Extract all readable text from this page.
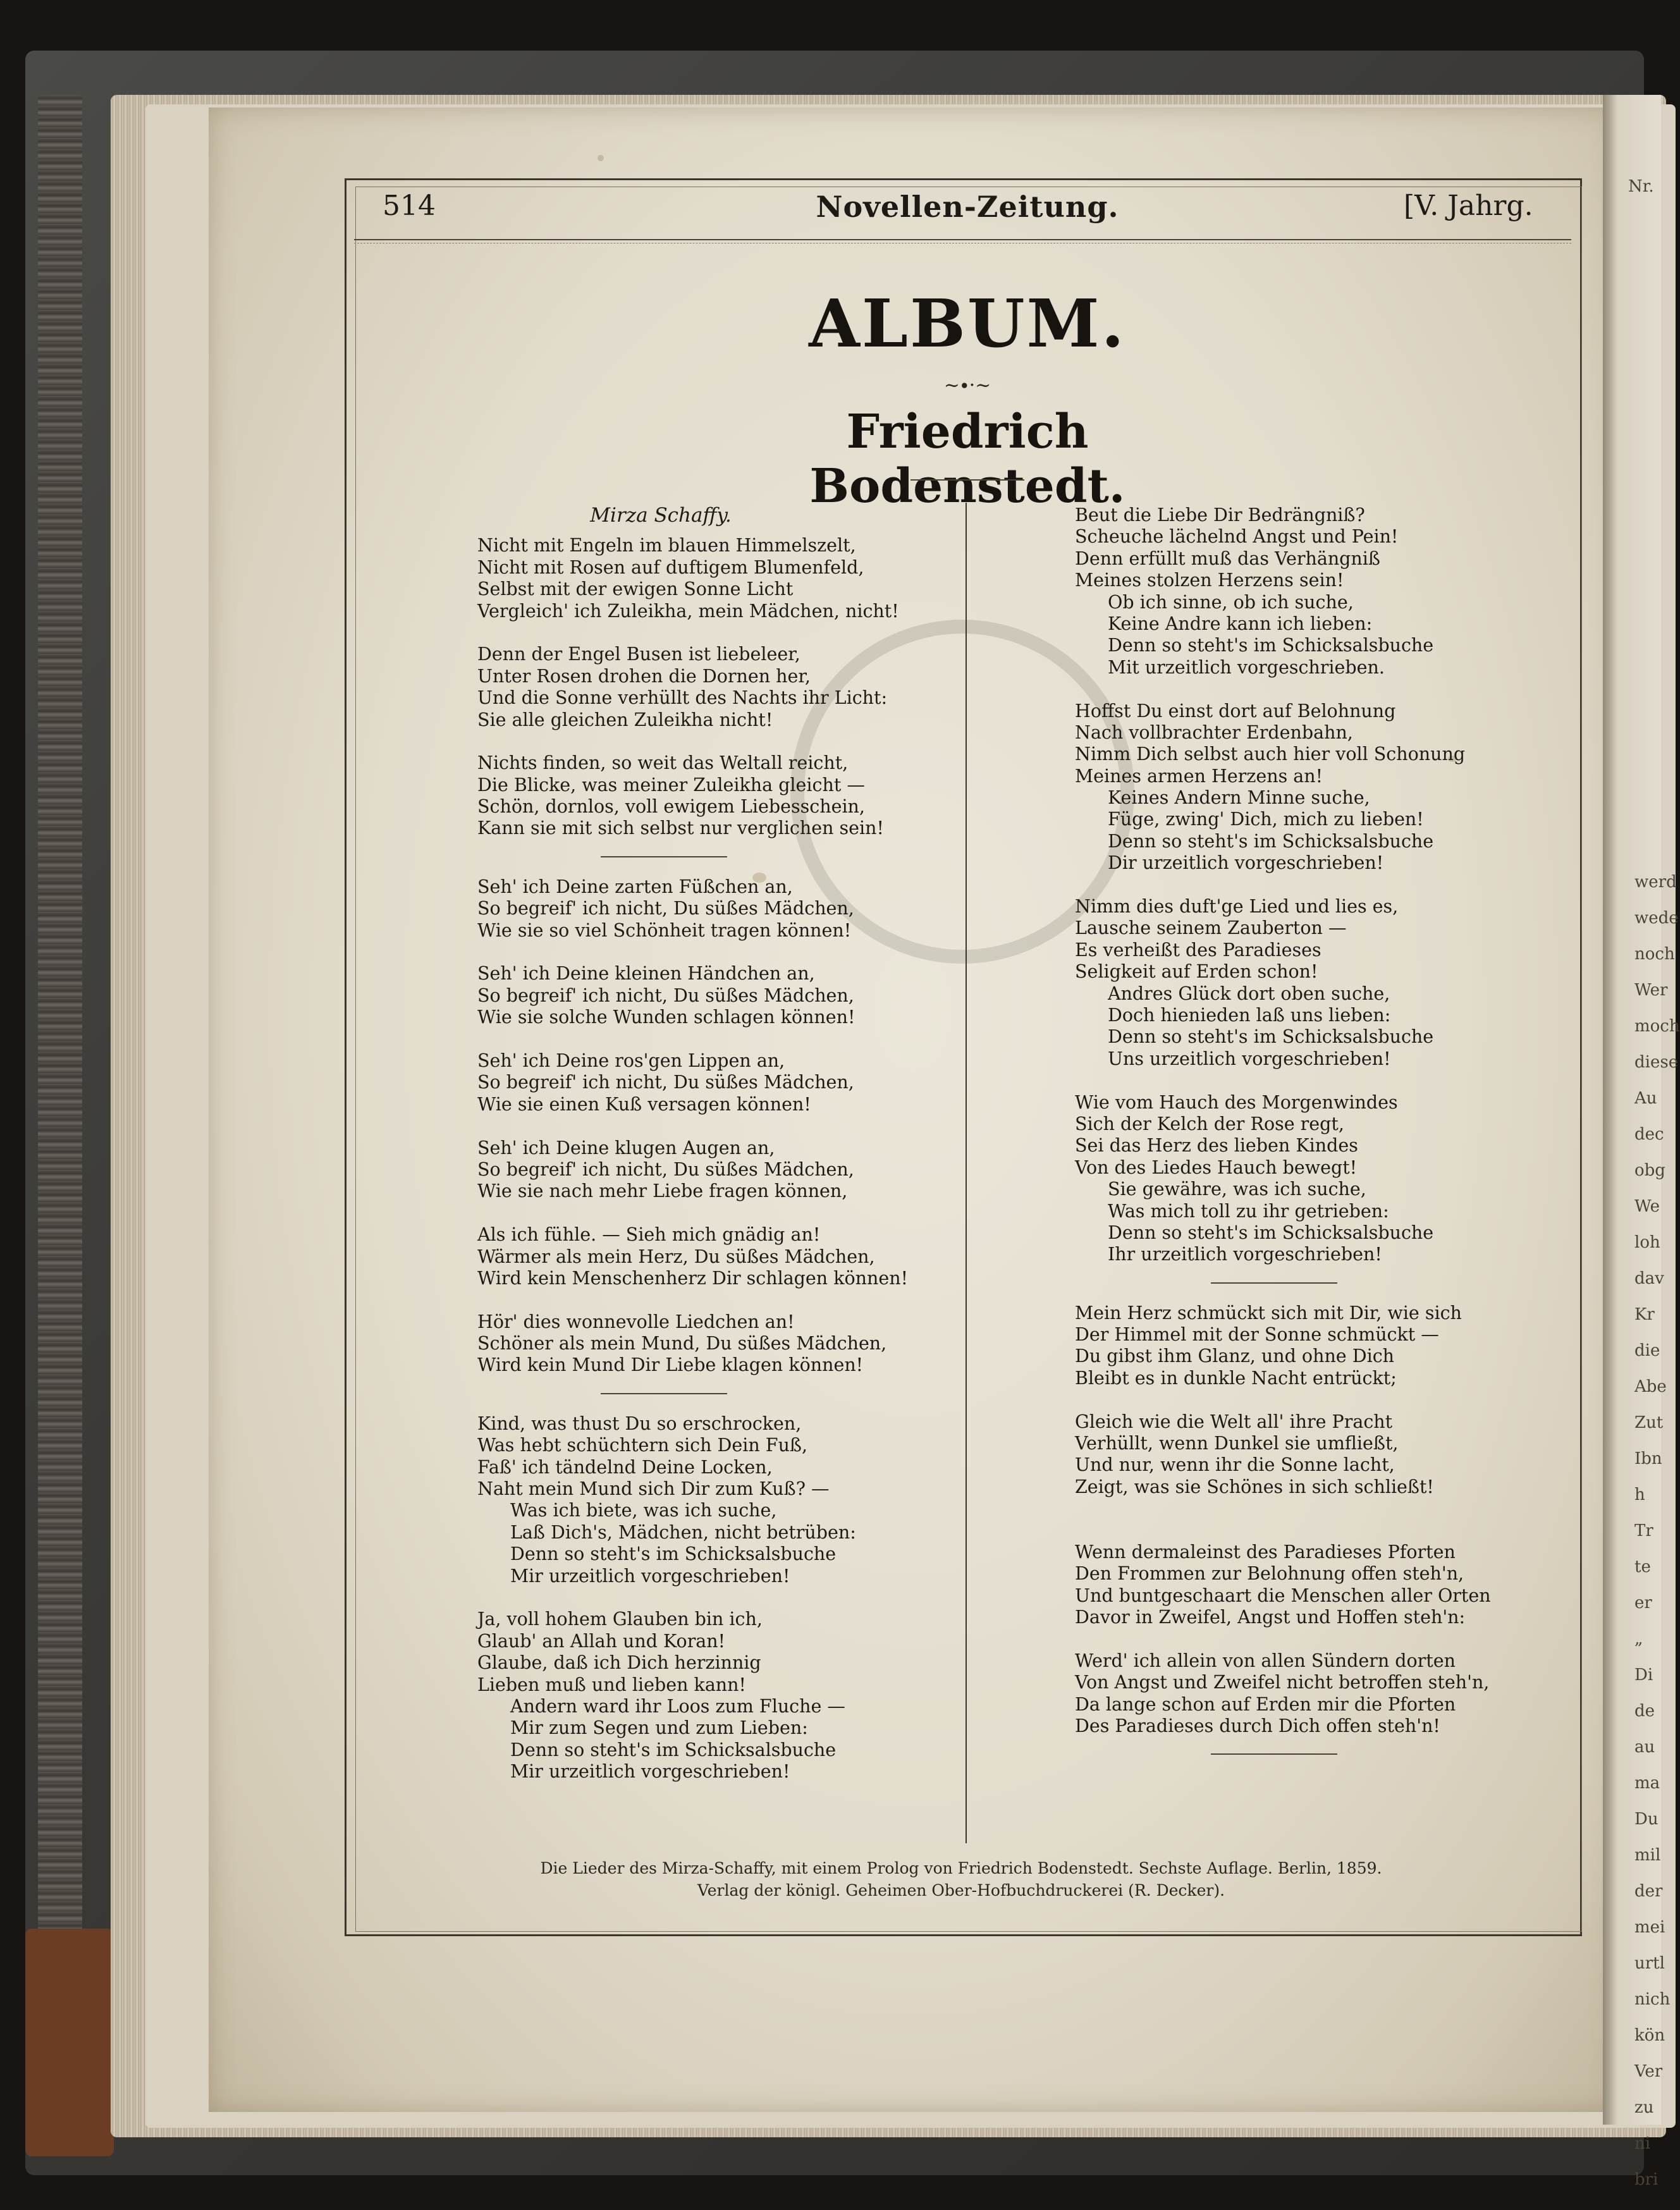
Nr.
werd
wede
noch
Wer
moch
diese
Au
dec
obg
We
loh
dav
Kr
die
Abe
Zut
Ibn
h
Tr
te
er
„
Di
de
au
ma
Du
mil
der
mei
urtl
nich
kön
Ver
zu
ni
bri
514	Novellen-Zeitung.	[V. Jahrg.
ALBUM.
~∙·~
Friedrich Bodenstedt.
Mirza Schaffy.
Nicht mit Engeln im blauen Himmelszelt,
Nicht mit Rosen auf duftigem Blumenfeld,
Selbst mit der ewigen Sonne Licht
Vergleich' ich Zuleikha, mein Mädchen, nicht!
Denn der Engel Busen ist liebeleer,
Unter Rosen drohen die Dornen her,
Und die Sonne verhüllt des Nachts ihr Licht:
Sie alle gleichen Zuleikha nicht!
Nichts finden, so weit das Weltall reicht,
Die Blicke, was meiner Zuleikha gleicht —
Schön, dornlos, voll ewigem Liebesschein,
Kann sie mit sich selbst nur verglichen sein!
Seh' ich Deine zarten Füßchen an,
So begreif' ich nicht, Du süßes Mädchen,
Wie sie so viel Schönheit tragen können!
Seh' ich Deine kleinen Händchen an,
So begreif' ich nicht, Du süßes Mädchen,
Wie sie solche Wunden schlagen können!
Seh' ich Deine ros'gen Lippen an,
So begreif' ich nicht, Du süßes Mädchen,
Wie sie einen Kuß versagen können!
Seh' ich Deine klugen Augen an,
So begreif' ich nicht, Du süßes Mädchen,
Wie sie nach mehr Liebe fragen können,
Als ich fühle. — Sieh mich gnädig an!
Wärmer als mein Herz, Du süßes Mädchen,
Wird kein Menschenherz Dir schlagen können!
Hör' dies wonnevolle Liedchen an!
Schöner als mein Mund, Du süßes Mädchen,
Wird kein Mund Dir Liebe klagen können!
Kind, was thust Du so erschrocken,
Was hebt schüchtern sich Dein Fuß,
Faß' ich tändelnd Deine Locken,
Naht mein Mund sich Dir zum Kuß? —
Was ich biete, was ich suche,
Laß Dich's, Mädchen, nicht betrüben:
Denn so steht's im Schicksalsbuche
Mir urzeitlich vorgeschrieben!
Ja, voll hohem Glauben bin ich,
Glaub' an Allah und Koran!
Glaube, daß ich Dich herzinnig
Lieben muß und lieben kann!
Andern ward ihr Loos zum Fluche —
Mir zum Segen und zum Lieben:
Denn so steht's im Schicksalsbuche
Mir urzeitlich vorgeschrieben!
Beut die Liebe Dir Bedrängniß?
Scheuche lächelnd Angst und Pein!
Denn erfüllt muß das Verhängniß
Meines stolzen Herzens sein!
Ob ich sinne, ob ich suche,
Keine Andre kann ich lieben:
Denn so steht's im Schicksalsbuche
Mit urzeitlich vorgeschrieben.
Hoffst Du einst dort auf Belohnung
Nach vollbrachter Erdenbahn,
Nimm Dich selbst auch hier voll Schonung
Meines armen Herzens an!
Keines Andern Minne suche,
Füge, zwing' Dich, mich zu lieben!
Denn so steht's im Schicksalsbuche
Dir urzeitlich vorgeschrieben!
Nimm dies duft'ge Lied und lies es,
Lausche seinem Zauberton —
Es verheißt des Paradieses
Seligkeit auf Erden schon!
Andres Glück dort oben suche,
Doch hienieden laß uns lieben:
Denn so steht's im Schicksalsbuche
Uns urzeitlich vorgeschrieben!
Wie vom Hauch des Morgenwindes
Sich der Kelch der Rose regt,
Sei das Herz des lieben Kindes
Von des Liedes Hauch bewegt!
Sie gewähre, was ich suche,
Was mich toll zu ihr getrieben:
Denn so steht's im Schicksalsbuche
Ihr urzeitlich vorgeschrieben!
Mein Herz schmückt sich mit Dir, wie sich
Der Himmel mit der Sonne schmückt —
Du gibst ihm Glanz, und ohne Dich
Bleibt es in dunkle Nacht entrückt;
Gleich wie die Welt all' ihre Pracht
Verhüllt, wenn Dunkel sie umfließt,
Und nur, wenn ihr die Sonne lacht,
Zeigt, was sie Schönes in sich schließt!
Wenn dermaleinst des Paradieses Pforten
Den Frommen zur Belohnung offen steh'n,
Und buntgeschaart die Menschen aller Orten
Davor in Zweifel, Angst und Hoffen steh'n:
Werd' ich allein von allen Sündern dorten
Von Angst und Zweifel nicht betroffen steh'n,
Da lange schon auf Erden mir die Pforten
Des Paradieses durch Dich offen steh'n!
Die Lieder des Mirza-Schaffy, mit einem Prolog von Friedrich Bodenstedt. Sechste Auflage. Berlin, 1859.
Verlag der königl. Geheimen Ober-Hofbuchdruckerei (R. Decker).
